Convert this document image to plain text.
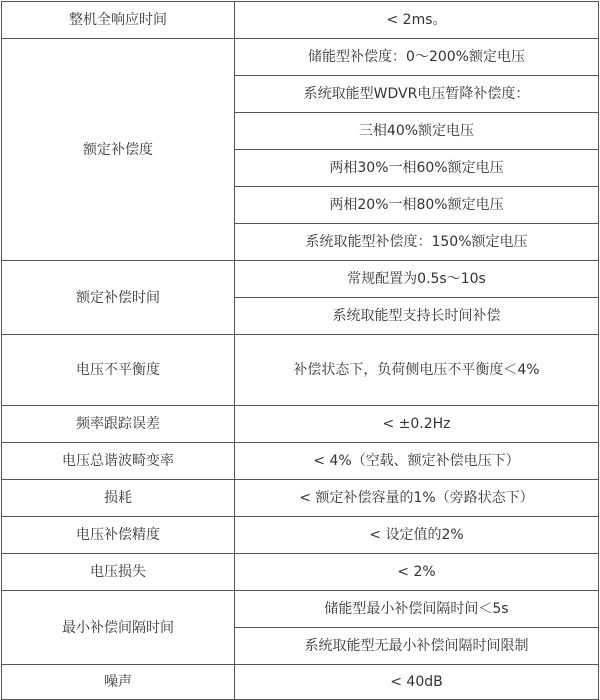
整机全响应时间	< 2ms。
额定补偿度	储能型补偿度：0～200%额定电压
	系统取能型WDVR电压暂降补偿度：
	三相40%额定电压
	两相30%一相60%额定电压
	两相20%一相80%额定电压
	系统取能型补偿度：150%额定电压
额定补偿时间	常规配置为0.5s～10s
	系统取能型支持长时间补偿
电压不平衡度	补偿状态下，负荷侧电压不平衡度＜4%
频率跟踪误差	< ±0.2Hz
电压总谐波畸变率	< 4%（空载、额定补偿电压下）
损耗	< 额定补偿容量的1%（旁路状态下）
电压补偿精度	< 设定值的2%
电压损失	< 2%
最小补偿间隔时间	储能型最小补偿间隔时间＜5s
	系统取能型无最小补偿间隔时间限制
噪声	< 40dB
